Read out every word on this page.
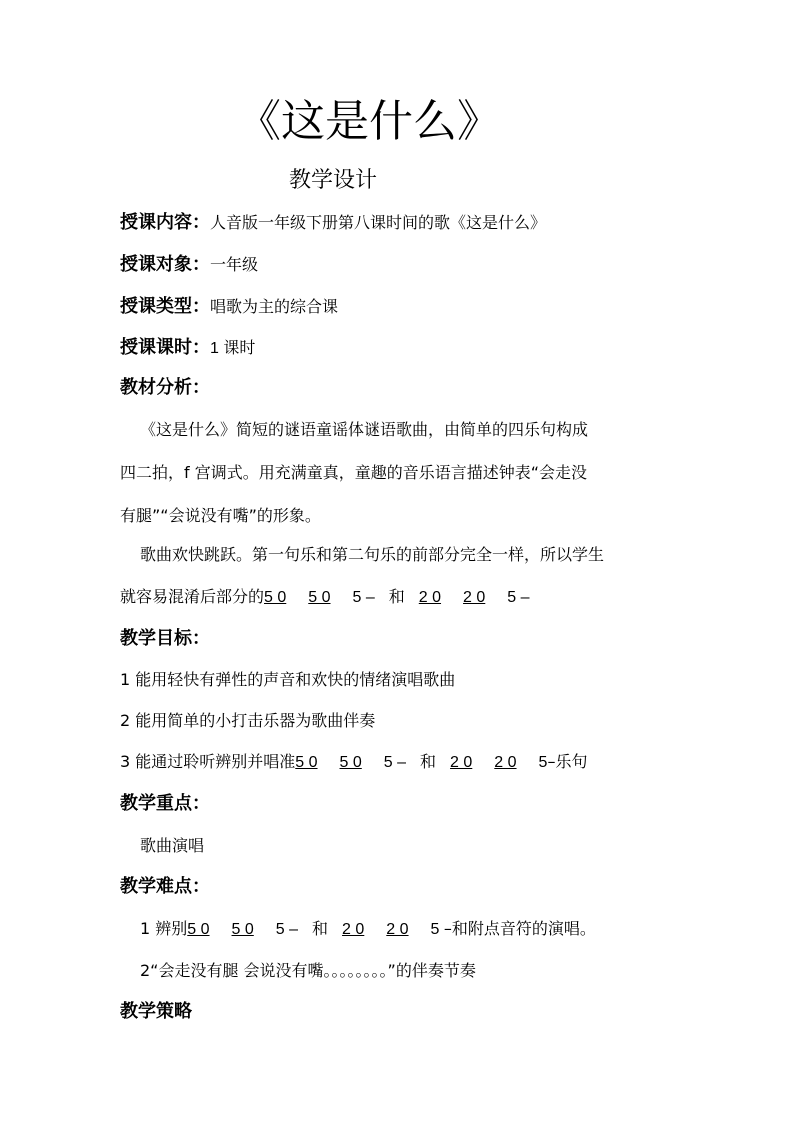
《这是什么》
教学设计
授课内容：人音版一年级下册第八课时间的歌《这是什么》
授课对象：一年级
授课类型：唱歌为主的综合课
授课课时：1 课时
教材分析：
《这是什么》简短的谜语童谣体谜语歌曲，由简单的四乐句构成
四二拍，f 宫调式。用充满童真，童趣的音乐语言描述钟表“会走没
有腿”“会说没有嘴”的形象。
歌曲欢快跳跃。第一句乐和第二句乐的前部分完全一样，所以学生
就容易混淆后部分的5 0 5 0 5 – 和 2 0 2 0 5 –
教学目标：
1 能用轻快有弹性的声音和欢快的情绪演唱歌曲
2 能用简单的小打击乐器为歌曲伴奏
3 能通过聆听辨别并唱准5 0 5 0 5 – 和 2 0 2 0 5–乐句
教学重点：
歌曲演唱
教学难点：
1 辨别5 0 5 0 5 – 和 2 0 2 0 5 –和附点音符的演唱。
2“会走没有腿 会说没有嘴。。。。。。。。”的伴奏节奏
教学策略
